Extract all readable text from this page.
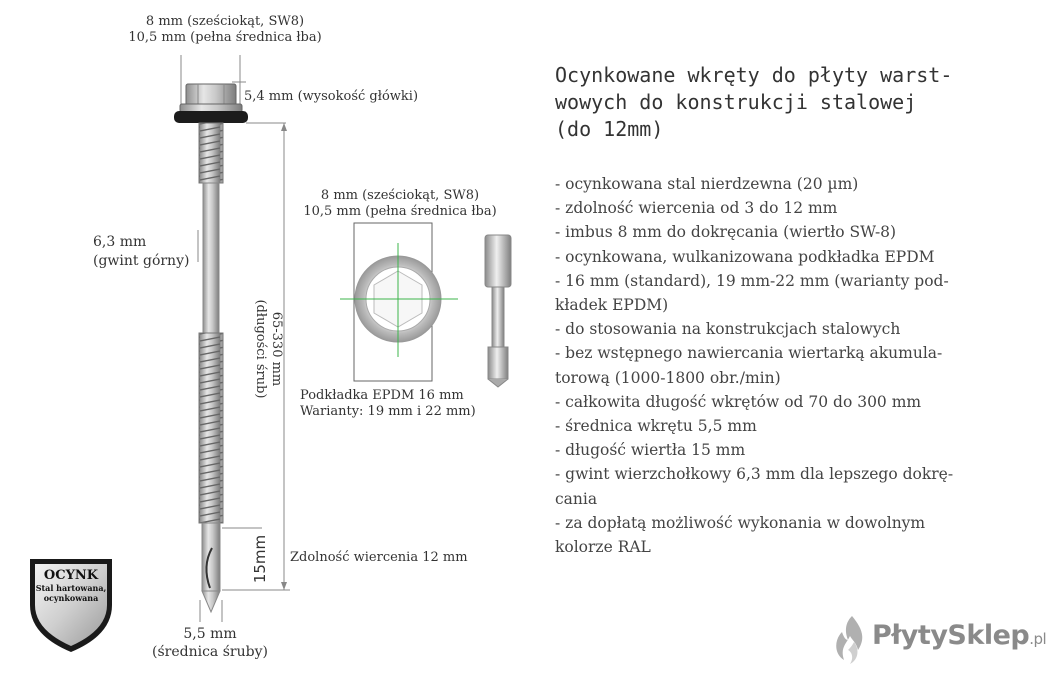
8 mm (sześciokąt, SW8)
10,5 mm (pełna średnica łba)
5,4 mm (wysokość główki)
6,3 mm
(gwint górny)
65-330 mm
(długości śrub)
15mm Zdolność wiercenia 12 mm
5,5 mm
(średnica śruby)
8 mm (sześciokąt, SW8)
10,5 mm (pełna średnica łba)
Podkładka EPDM 16 mm
Warianty: 19 mm i 22 mm)
OCYNK
Stal hartowana,
ocynkowana
Ocynkowane wkręty do płyty warst-
wowych do konstrukcji stalowej
(do 12mm)
- ocynkowana stal nierdzewna (20 µm)
- zdolność wiercenia od 3 do 12 mm
- imbus 8 mm do dokręcania (wiertło SW-8)
- ocynkowana, wulkanizowana podkładka EPDM
- 16 mm (standard), 19 mm-22 mm (warianty pod-
kładek EPDM)
- do stosowania na konstrukcjach stalowych
- bez wstępnego nawiercania wiertarką akumula-
torową (1000-1800 obr./min)
- całkowita długość wkrętów od 70 do 300 mm
- średnica wkrętu 5,5 mm
- długość wiertła 15 mm
- gwint wierzchołkowy 6,3 mm dla lepszego dokrę-
cania
- za dopłatą możliwość wykonania w dowolnym
kolorze RAL
PłytySklep.pl
